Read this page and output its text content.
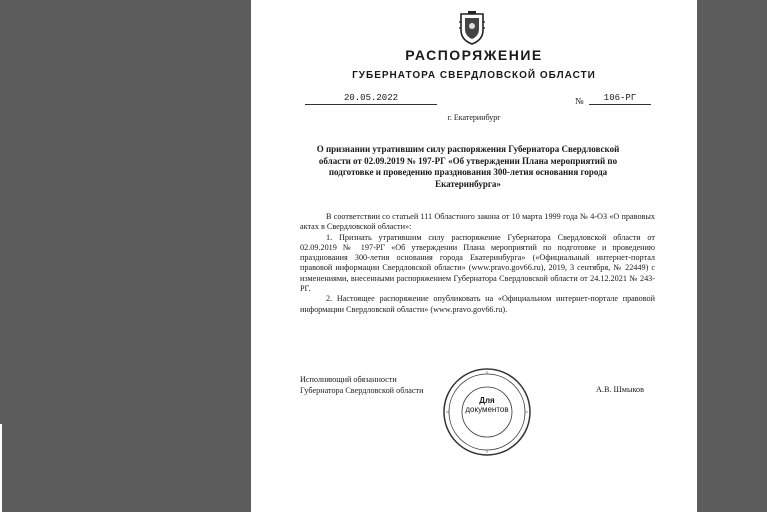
РАСПОРЯЖЕНИЕ
ГУБЕРНАТОРА СВЕРДЛОВСКОЙ ОБЛАСТИ
20.05.2022	№	106-РГ
г. Екатеринбург
О признании утратившим силу распоряжения Губернатора Свердловской области от 02.09.2019 № 197-РГ «Об утверждении Плана мероприятий по подготовке и проведению празднования 300-летия основания города Екатеринбурга»

В соответствии со статьей 111 Областного закона от 10 марта 1999 года № 4-ОЗ «О правовых актах в Свердловской области»:

1. Признать утратившим силу распоряжение Губернатора Свердловской области от 02.09.2019 № 197-РГ «Об утверждении Плана мероприятий по подготовке и проведению празднования 300-летия основания города Екатеринбурга» («Официальный интернет-портал правовой информации Свердловской области» (www.pravo.gov66.ru), 2019, 3 сентября, № 22449) с изменениями, внесенными распоряжением Губернатора Свердловской области от 24.12.2021 № 243-РГ.

2. Настоящее распоряжение опубликовать на «Официальном интернет-портале правовой информации Свердловской области» (www.pravo.gov66.ru).

Исполняющий обязанности
Губернатора Свердловской области	А.В. Шмыков
Для
документов
